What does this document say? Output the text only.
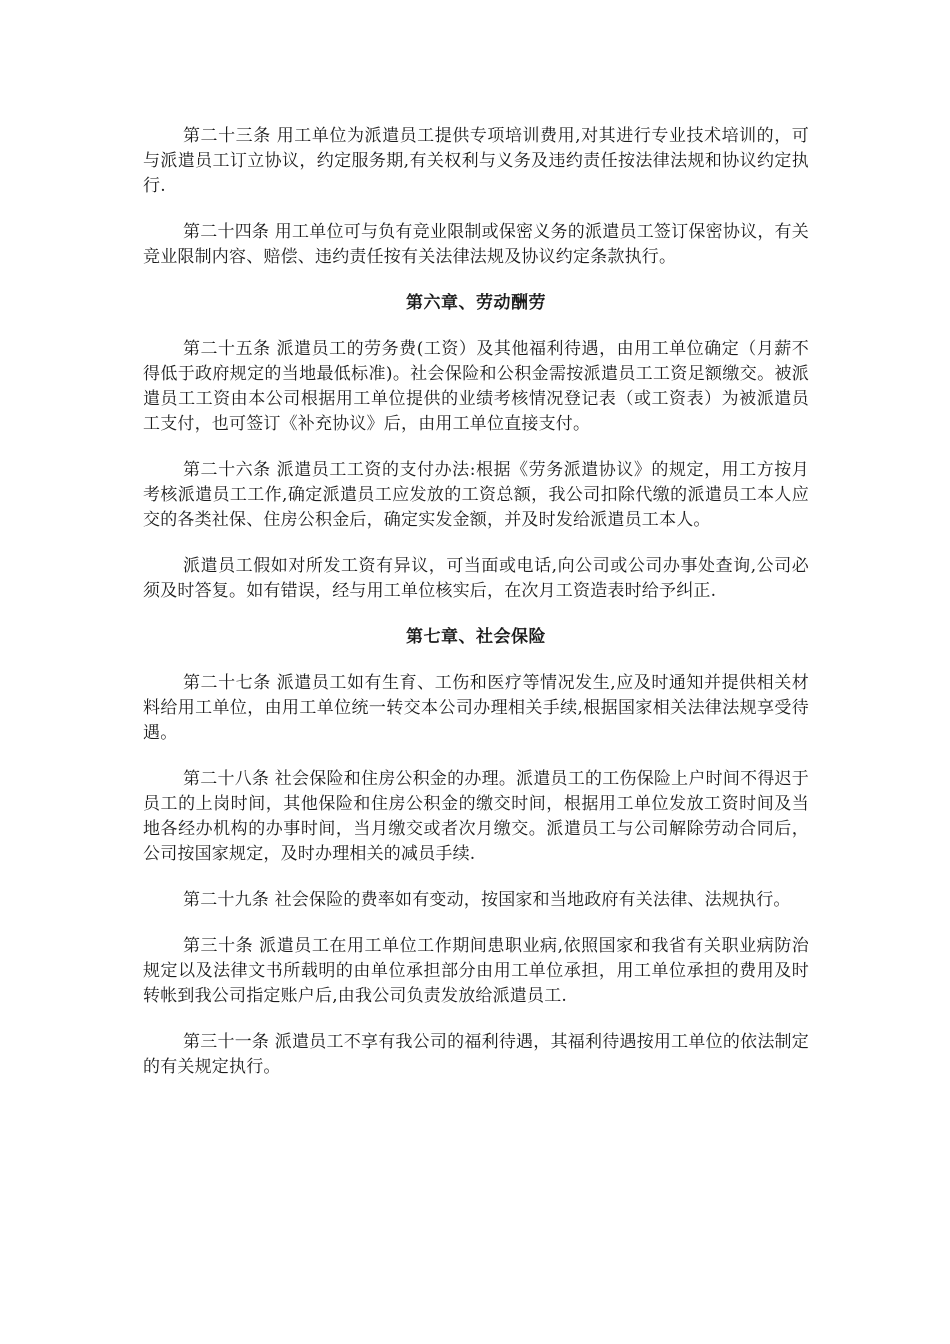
第二十三条 用工单位为派遣员工提供专项培训费用,对其进行专业技术培训的，可与派遣员工订立协议，约定服务期,有关权利与义务及违约责任按法律法规和协议约定执行.

第二十四条 用工单位可与负有竞业限制或保密义务的派遣员工签订保密协议，有关竞业限制内容、赔偿、违约责任按有关法律法规及协议约定条款执行。

第六章、劳动酬劳

第二十五条 派遣员工的劳务费(工资）及其他福利待遇，由用工单位确定（月薪不得低于政府规定的当地最低标准)。社会保险和公积金需按派遣员工工资足额缴交。被派遣员工工资由本公司根据用工单位提供的业绩考核情况登记表（或工资表）为被派遣员工支付，也可签订《补充协议》后，由用工单位直接支付。

第二十六条 派遣员工工资的支付办法:根据《劳务派遣协议》的规定，用工方按月考核派遣员工工作,确定派遣员工应发放的工资总额，我公司扣除代缴的派遣员工本人应交的各类社保、住房公积金后，确定实发金额，并及时发给派遣员工本人。

派遣员工假如对所发工资有异议，可当面或电话,向公司或公司办事处查询,公司必须及时答复。如有错误，经与用工单位核实后，在次月工资造表时给予纠正.

第七章、社会保险

第二十七条 派遣员工如有生育、工伤和医疗等情况发生,应及时通知并提供相关材料给用工单位，由用工单位统一转交本公司办理相关手续,根据国家相关法律法规享受待遇。

第二十八条 社会保险和住房公积金的办理。派遣员工的工伤保险上户时间不得迟于员工的上岗时间，其他保险和住房公积金的缴交时间，根据用工单位发放工资时间及当地各经办机构的办事时间，当月缴交或者次月缴交。派遣员工与公司解除劳动合同后，公司按国家规定，及时办理相关的减员手续.

第二十九条 社会保险的费率如有变动，按国家和当地政府有关法律、法规执行。

第三十条 派遣员工在用工单位工作期间患职业病,依照国家和我省有关职业病防治规定以及法律文书所载明的由单位承担部分由用工单位承担，用工单位承担的费用及时转帐到我公司指定账户后,由我公司负责发放给派遣员工.

第三十一条 派遣员工不享有我公司的福利待遇，其福利待遇按用工单位的依法制定的有关规定执行。
